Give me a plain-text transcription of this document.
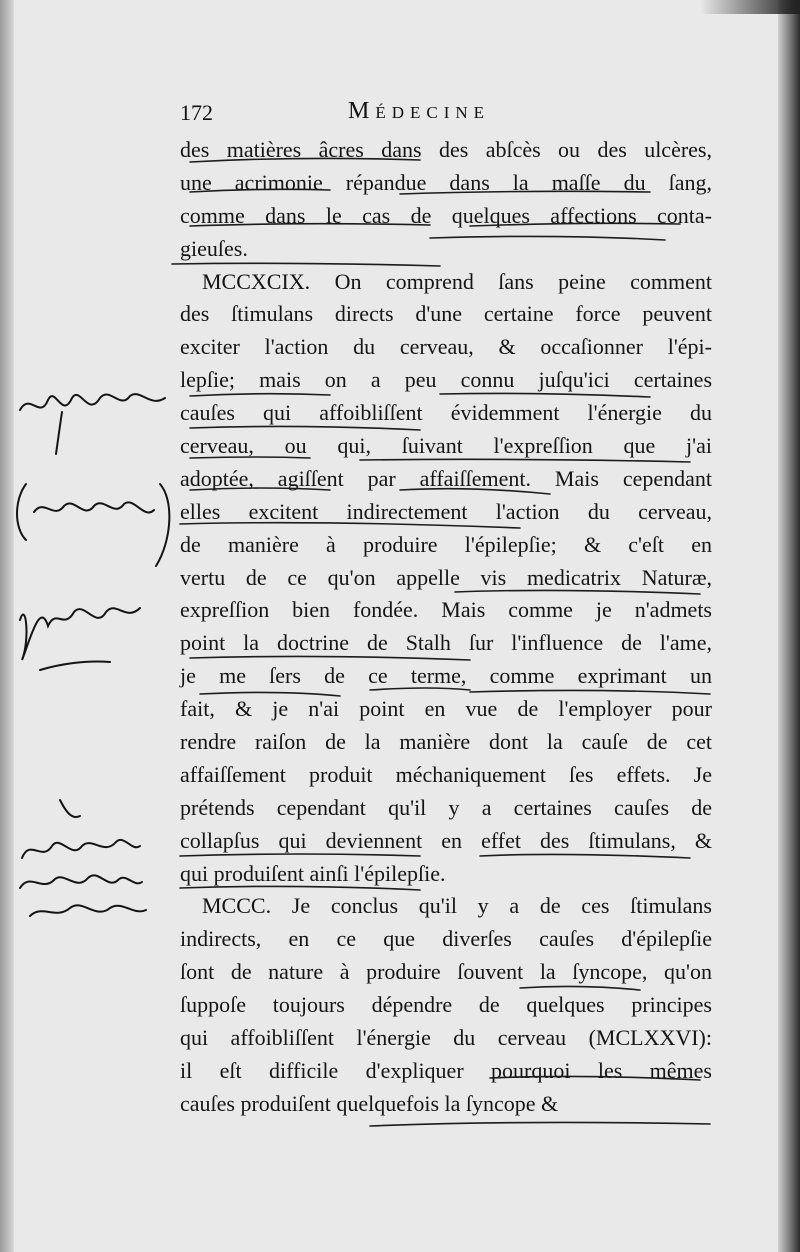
172	Médecine
des matières âcres dans des abſcès ou des ulcères,
une acrimonie répandue dans la maſſe du ſang,
comme dans le cas de quelques affections conta-
gieuſes.
MCCXCIX. On comprend ſans peine comment
des ſtimulans directs d'une certaine force peuvent
exciter l'action du cerveau, & occaſionner l'épi-
lepſie; mais on a peu connu juſqu'ici certaines
cauſes qui affoibliſſent évidemment l'énergie du
cerveau, ou qui, ſuivant l'expreſſion que j'ai
adoptée, agiſſent par affaiſſement. Mais cependant
elles excitent indirectement l'action du cerveau,
de manière à produire l'épilepſie; & c'eſt en
vertu de ce qu'on appelle vis medicatrix Naturæ,
expreſſion bien fondée. Mais comme je n'admets
point la doctrine de Stalh ſur l'influence de l'ame,
je me ſers de ce terme, comme exprimant un
fait, & je n'ai point en vue de l'employer pour
rendre raiſon de la manière dont la cauſe de cet
affaiſſement produit méchaniquement ſes effets. Je
prétends cependant qu'il y a certaines cauſes de
collapſus qui deviennent en effet des ſtimulans, &
qui produiſent ainſi l'épilepſie.
MCCC. Je conclus qu'il y a de ces ſtimulans
indirects, en ce que diverſes cauſes d'épilepſie
ſont de nature à produire ſouvent la ſyncope, qu'on
ſuppoſe toujours dépendre de quelques principes
qui affoibliſſent l'énergie du cerveau (MCLXXVI):
il eſt difficile d'expliquer pourquoi les mêmes
cauſes produiſent quelquefois la ſyncope &
